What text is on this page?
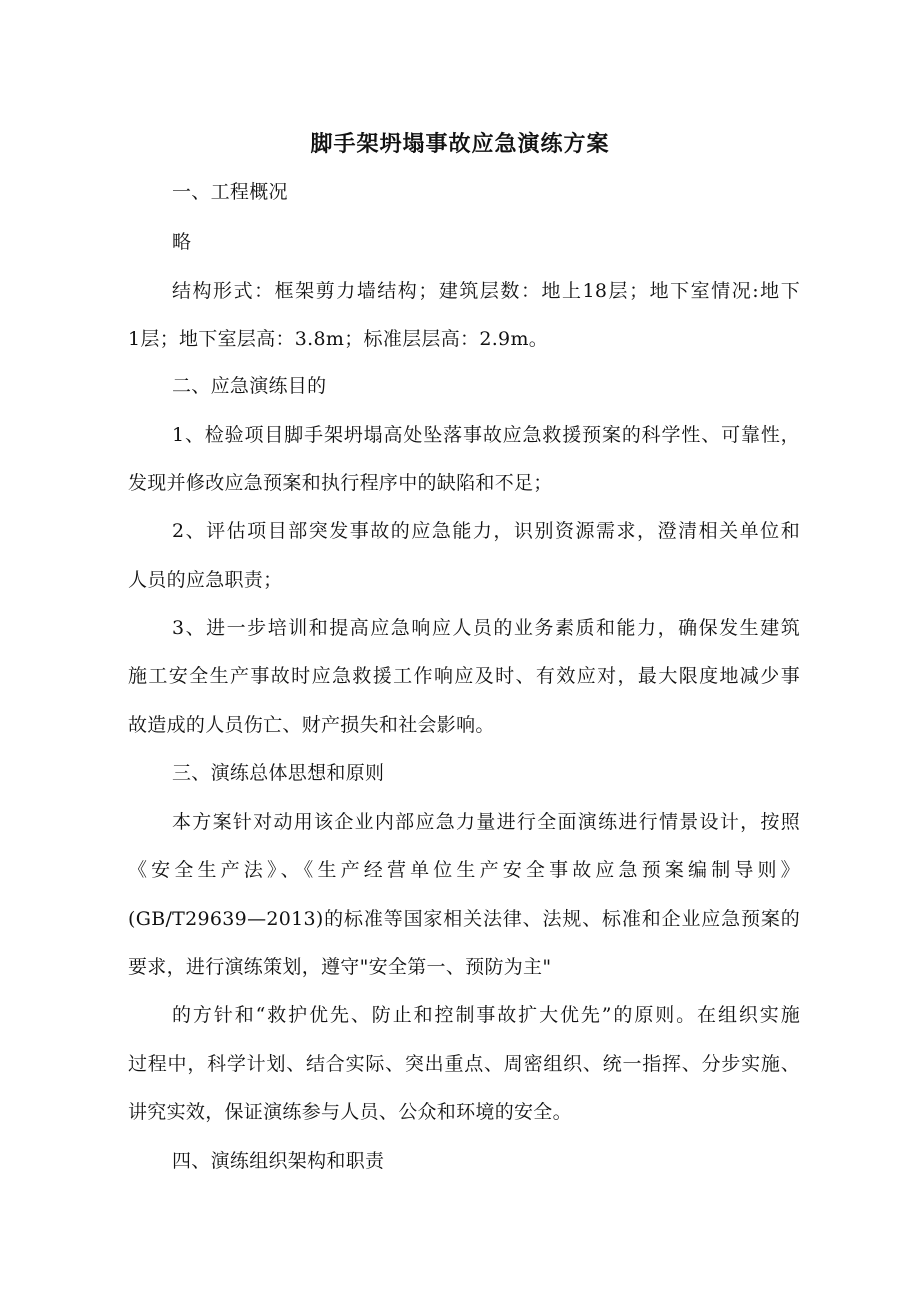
脚手架坍塌事故应急演练方案

一、工程概况

略

结构形式：框架剪力墙结构；建筑层数：地上18层；地下室情况:地下

1层；地下室层高：3.8m；标准层层高：2.9m。

二、应急演练目的

1、检验项目脚手架坍塌高处坠落事故应急救援预案的科学性、可靠性，

发现并修改应急预案和执行程序中的缺陷和不足；

2、评估项目部突发事故的应急能力，识别资源需求，澄清相关单位和

人员的应急职责；

3、进一步培训和提高应急响应人员的业务素质和能力，确保发生建筑

施工安全生产事故时应急救援工作响应及时、有效应对，最大限度地减少事

故造成的人员伤亡、财产损失和社会影响。

三、演练总体思想和原则

本方案针对动用该企业内部应急力量进行全面演练进行情景设计，按照

《安全生产法》、《生产经营单位生产安全事故应急预案编制导则》

(GB/T29639—2013)的标准等国家相关法律、法规、标准和企业应急预案的

要求，进行演练策划，遵守"安全第一、预防为主"

的方针和“救护优先、防止和控制事故扩大优先”的原则。在组织实施

过程中，科学计划、结合实际、突出重点、周密组织、统一指挥、分步实施、

讲究实效，保证演练参与人员、公众和环境的安全。

四、演练组织架构和职责
